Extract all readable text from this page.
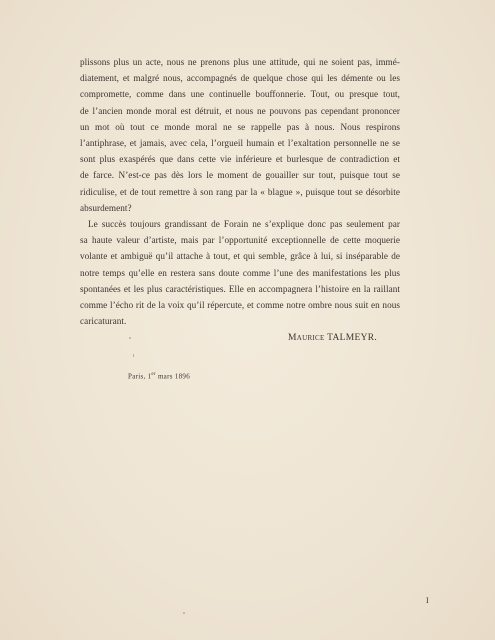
plissons plus un acte, nous ne prenons plus une attitude, qui ne soient pas, immé-
diatement, et malgré nous, accompagnés de quelque chose qui les démente ou les
compromette, comme dans une continuelle bouffonnerie. Tout, ou presque tout,
de l’ancien monde moral est détruit, et nous ne pouvons pas cependant prononcer
un mot où tout ce monde moral ne se rappelle pas à nous. Nous respirons
l’antiphrase, et jamais, avec cela, l’orgueil humain et l’exaltation personnelle ne se
sont plus exaspérés que dans cette vie inférieure et burlesque de contradiction et
de farce. N’est-ce pas dès lors le moment de gouailler sur tout, puisque tout se
ridiculise, et de tout remettre à son rang par la « blague », puisque tout se désorbite
absurdement?
Le succès toujours grandissant de Forain ne s’explique donc pas seulement par
sa haute valeur d’artiste, mais par l’opportunité exceptionnelle de cette moquerie
volante et ambiguë qu’il attache à tout, et qui semble, grâce à lui, si inséparable de
notre temps qu’elle en restera sans doute comme l’une des manifestations les plus
spontanées et les plus caractéristiques. Elle en accompagnera l’histoire en la raillant
comme l’écho rit de la voix qu’il répercute, et comme notre ombre nous suit en nous
caricaturant.
Maurice TALMEYR.
Paris, 1er mars 1896
I
